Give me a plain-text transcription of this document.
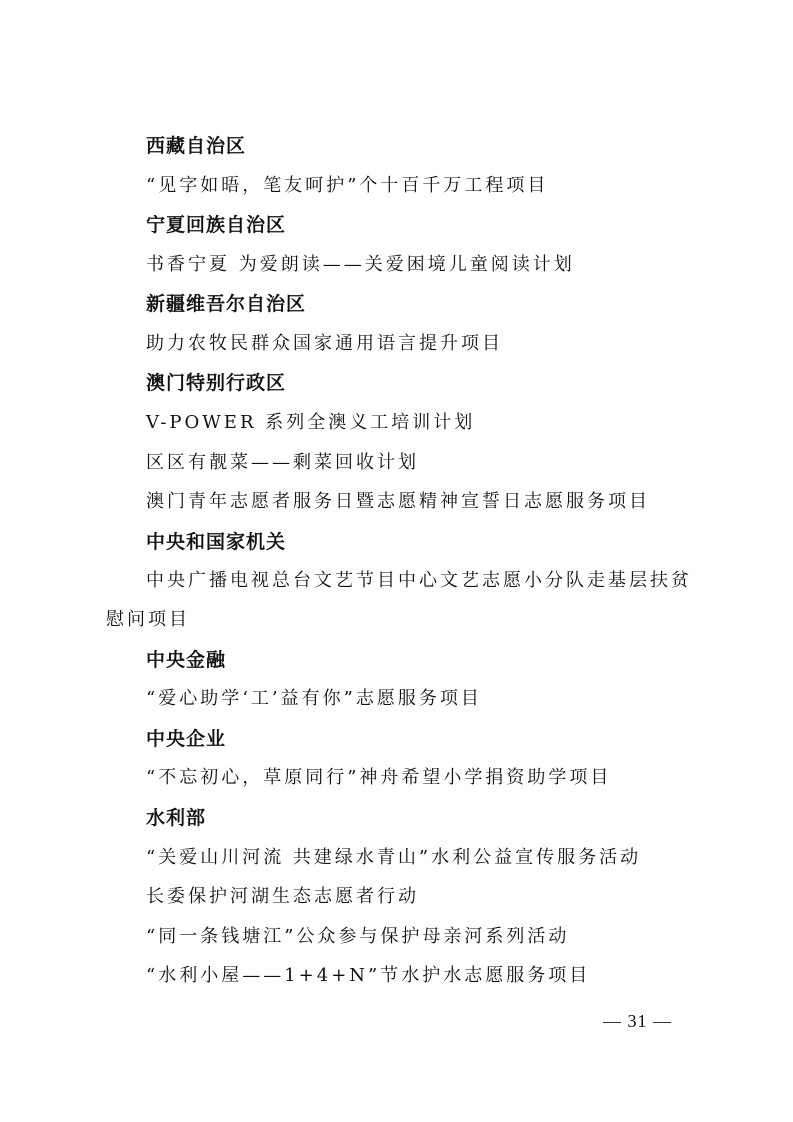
西藏自治区
“见字如晤，笔友呵护”个十百千万工程项目
宁夏回族自治区
书香宁夏 为爱朗读——关爱困境儿童阅读计划
新疆维吾尔自治区
助力农牧民群众国家通用语言提升项目
澳门特别行政区
V-POWER 系列全澳义工培训计划
区区有靓菜——剩菜回收计划
澳门青年志愿者服务日暨志愿精神宣誓日志愿服务项目
中央和国家机关
中央广播电视总台文艺节目中心文艺志愿小分队走基层扶贫
慰问项目
中央金融
“爱心助学‘工’益有你”志愿服务项目
中央企业
“不忘初心，草原同行”神舟希望小学捐资助学项目
水利部
“关爱山川河流 共建绿水青山”水利公益宣传服务活动
长委保护河湖生态志愿者行动
“同一条钱塘江”公众参与保护母亲河系列活动
“水利小屋——1+4+N”节水护水志愿服务项目
— 31 —
